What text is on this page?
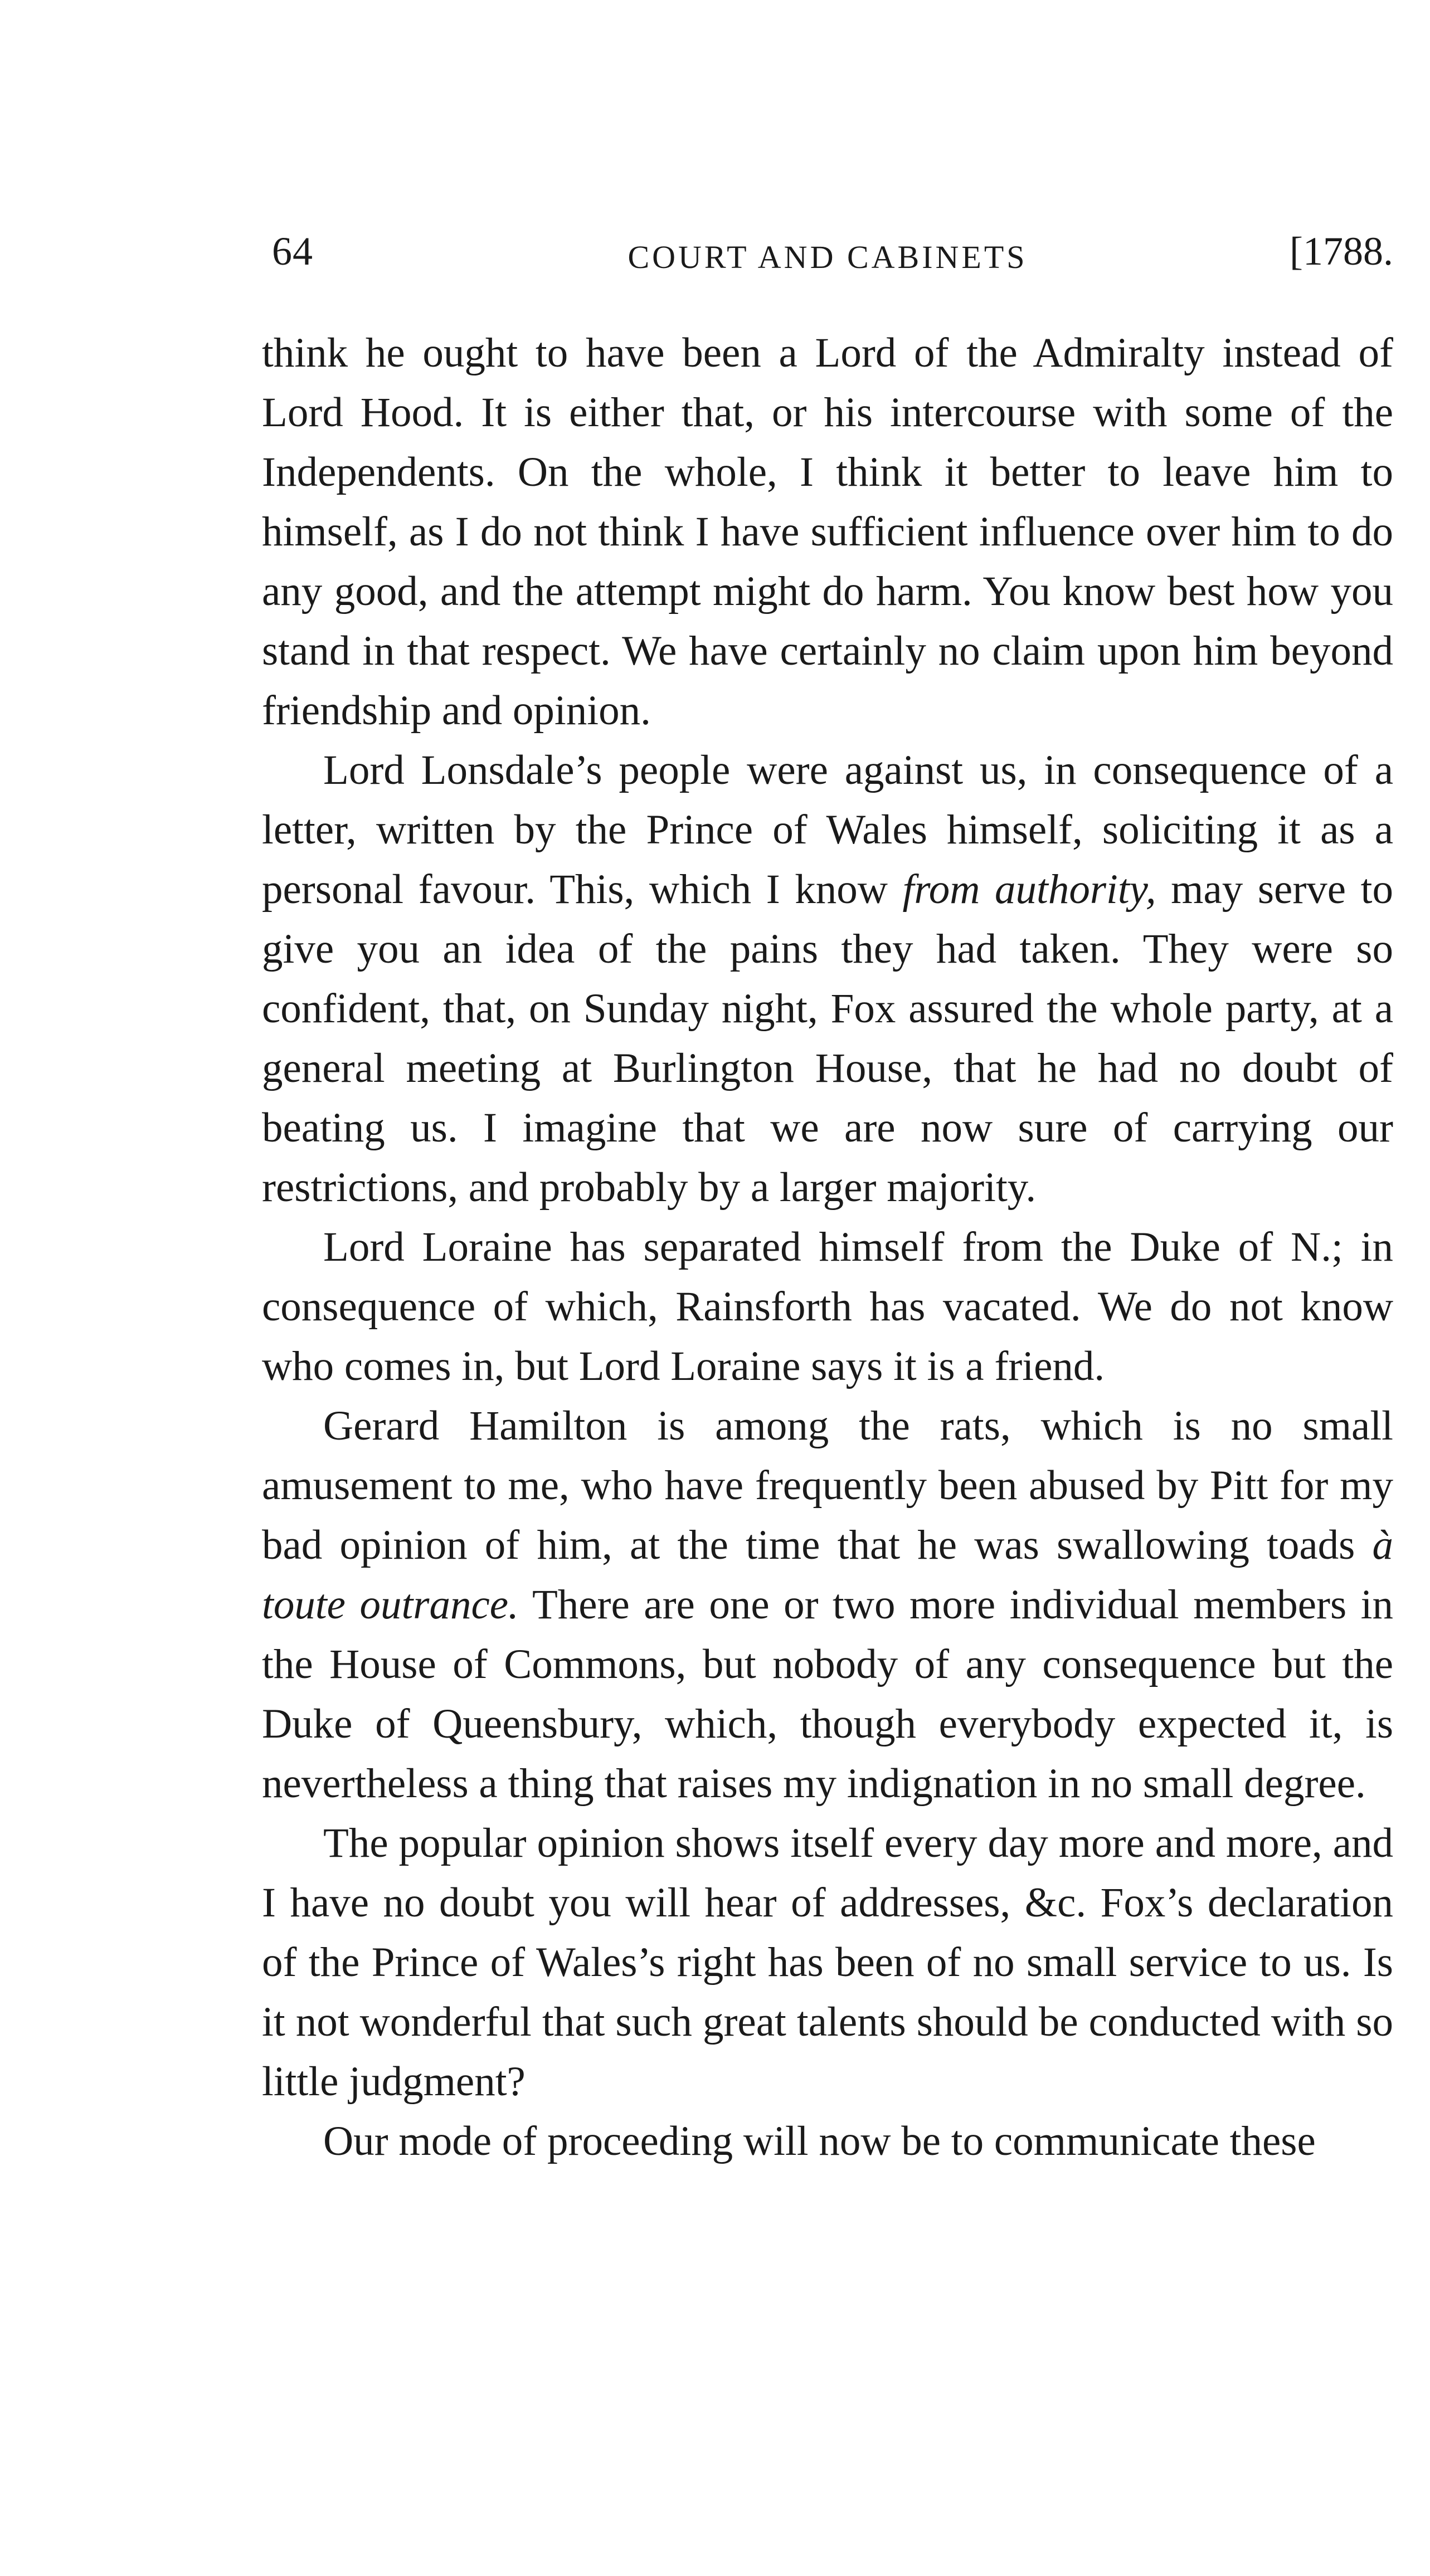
64	COURT AND CABINETS	[1788.

think he ought to have been a Lord of the Admiralty instead of Lord Hood. It is either that, or his intercourse with some of the Independents. On the whole, I think it better to leave him to himself, as I do not think I have sufficient influence over him to do any good, and the attempt might do harm. You know best how you stand in that respect. We have certainly no claim upon him beyond friendship and opinion.

Lord Lonsdale’s people were against us, in consequence of a letter, written by the Prince of Wales himself, soliciting it as a personal favour. This, which I know from authority, may serve to give you an idea of the pains they had taken. They were so confident, that, on Sunday night, Fox assured the whole party, at a general meeting at Burlington House, that he had no doubt of beating us. I imagine that we are now sure of carrying our restrictions, and probably by a larger majority.

Lord Loraine has separated himself from the Duke of N.; in consequence of which, Rainsforth has vacated. We do not know who comes in, but Lord Loraine says it is a friend.

Gerard Hamilton is among the rats, which is no small amusement to me, who have frequently been abused by Pitt for my bad opinion of him, at the time that he was swallowing toads à toute outrance. There are one or two more individual members in the House of Commons, but nobody of any consequence but the Duke of Queensbury, which, though everybody expected it, is nevertheless a thing that raises my indignation in no small degree.

The popular opinion shows itself every day more and more, and I have no doubt you will hear of addresses, &c. Fox’s declaration of the Prince of Wales’s right has been of no small service to us. Is it not wonderful that such great talents should be conducted with so little judgment?

Our mode of proceeding will now be to communicate these
